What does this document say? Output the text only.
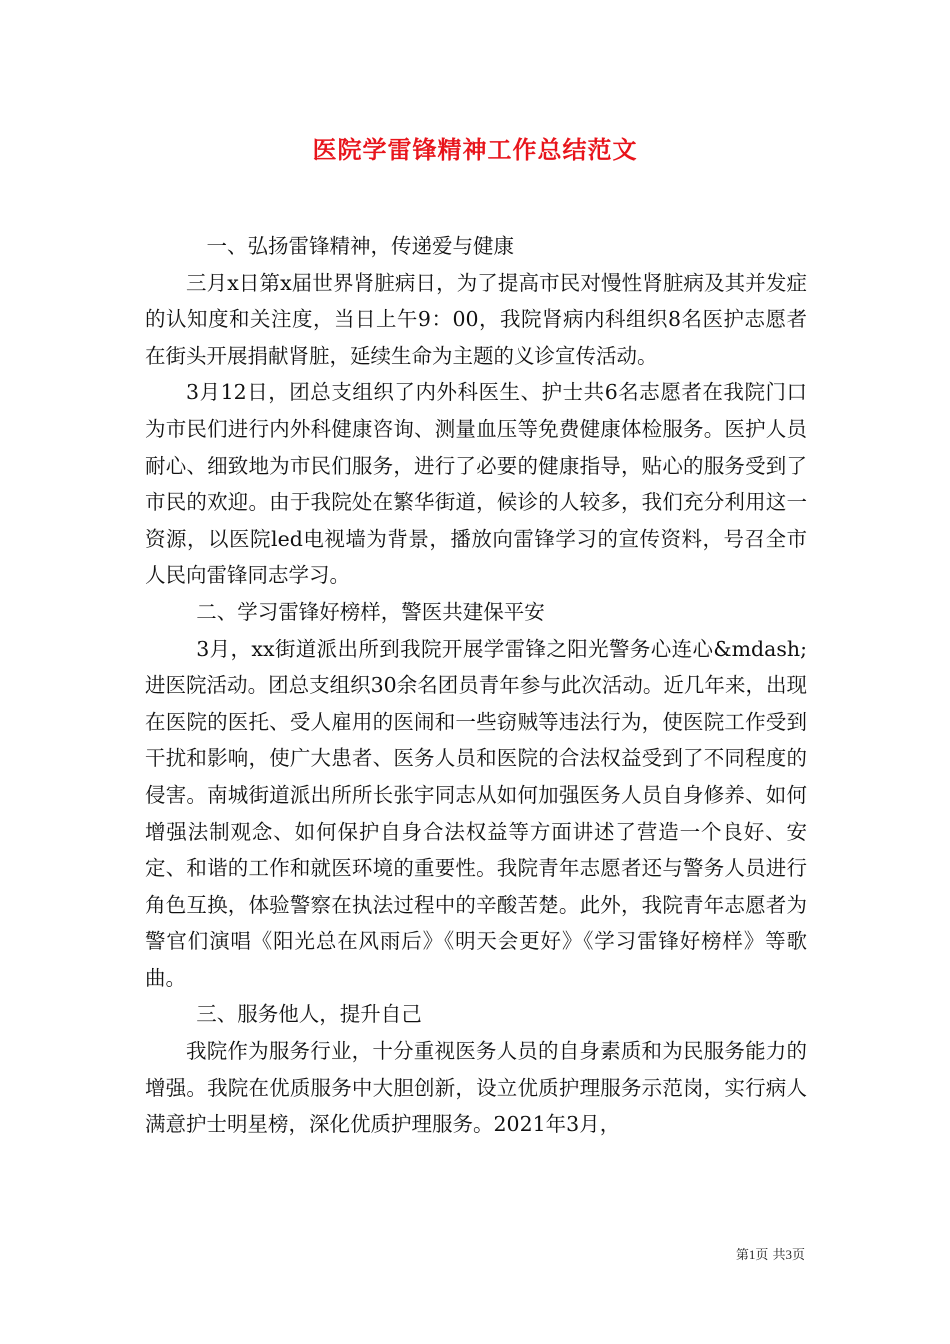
医院学雷锋精神工作总结范文

一、弘扬雷锋精神，传递爱与健康

三月x日第x届世界肾脏病日，为了提高市民对慢性肾脏病及其并发症的认知度和关注度，当日上午9：00，我院肾病内科组织8名医护志愿者在街头开展捐献肾脏，延续生命为主题的义诊宣传活动。

3月12日，团总支组织了内外科医生、护士共6名志愿者在我院门口为市民们进行内外科健康咨询、测量血压等免费健康体检服务。医护人员耐心、细致地为市民们服务，进行了必要的健康指导，贴心的服务受到了市民的欢迎。由于我院处在繁华街道，候诊的人较多，我们充分利用这一资源，以医院led电视墙为背景，播放向雷锋学习的宣传资料，号召全市人民向雷锋同志学习。

二、学习雷锋好榜样，警医共建保平安

3月，xx街道派出所到我院开展学雷锋之阳光警务心连心&mdash;进医院活动。团总支组织30余名团员青年参与此次活动。近几年来，出现在医院的医托、受人雇用的医闹和一些窃贼等违法行为，使医院工作受到干扰和影响，使广大患者、医务人员和医院的合法权益受到了不同程度的侵害。南城街道派出所所长张宇同志从如何加强医务人员自身修养、如何增强法制观念、如何保护自身合法权益等方面讲述了营造一个良好、安定、和谐的工作和就医环境的重要性。我院青年志愿者还与警务人员进行角色互换，体验警察在执法过程中的辛酸苦楚。此外，我院青年志愿者为警官们演唱《阳光总在风雨后》《明天会更好》《学习雷锋好榜样》等歌曲。

三、服务他人，提升自己

我院作为服务行业，十分重视医务人员的自身素质和为民服务能力的增强。我院在优质服务中大胆创新，设立优质护理服务示范岗，实行病人满意护士明星榜，深化优质护理服务。2021年3月，

第1页 共3页
